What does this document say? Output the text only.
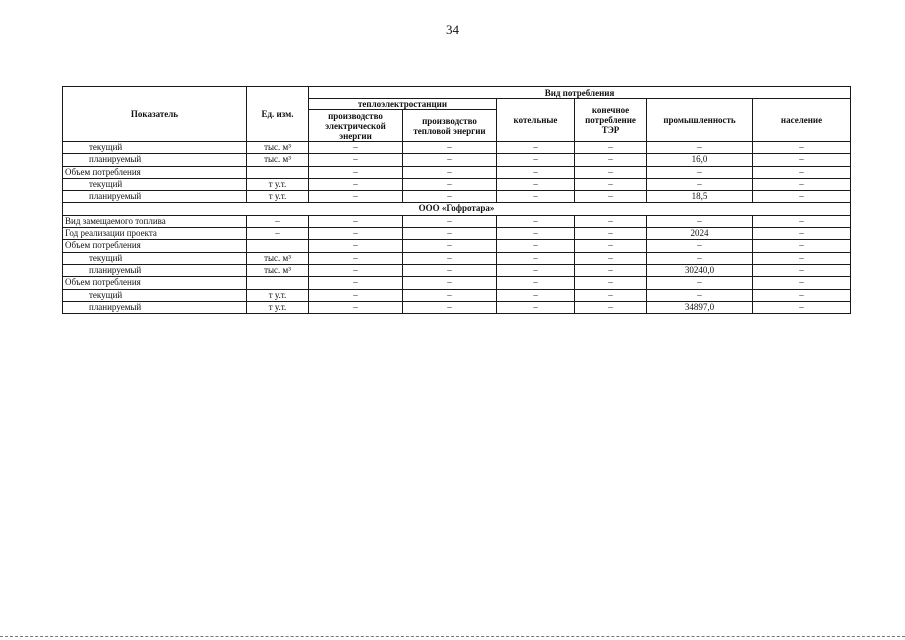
34
Показатель	Ед. изм.	Вид потребления					
		теплоэлектростанции		котельные	конечное потребление ТЭР	промышленность	население
		производство электрической энергии	производство тепловой энергии				
текущий	тыс. м³	–	–	–	–	–	–
планируемый	тыс. м³	–	–	–	–	16,0	–
Объем потребления		–	–	–	–	–	–
текущий	т у.т.	–	–	–	–	–	–
планируемый	т у.т.	–	–	–	–	18,5	–
ООО «Гофротара»							
Вид замещаемого топлива	–	–	–	–	–	–	–
Год реализации проекта	–	–	–	–	–	2024	–
Объем потребления		–	–	–	–	–	–
текущий	тыс. м³	–	–	–	–	–	–
планируемый	тыс. м³	–	–	–	–	30240,0	–
Объем потребления		–	–	–	–	–	–
текущий	т у.т.	–	–	–	–	–	–
планируемый	т у.т.	–	–	–	–	34897,0	–
